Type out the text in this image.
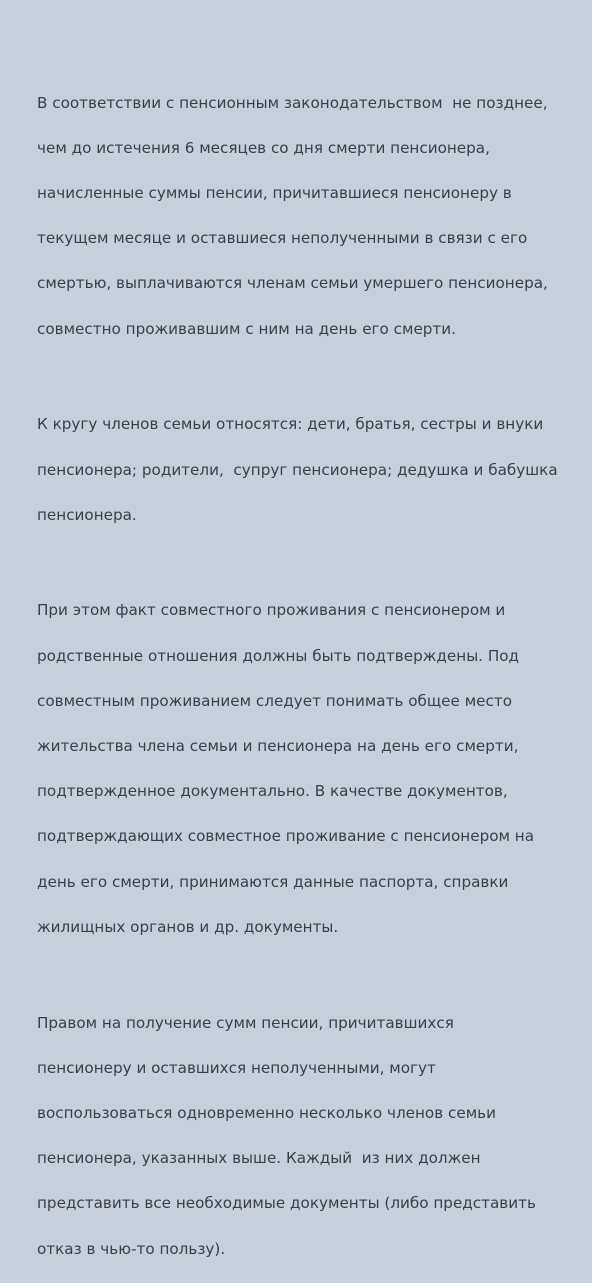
В соответствии с пенсионным законодательством  не позднее,

чем до истечения 6 месяцев со дня смерти пенсионера,

начисленные суммы пенсии, причитавшиеся пенсионеру в

текущем месяце и оставшиеся неполученными в связи с его

смертью, выплачиваются членам семьи умершего пенсионера,

совместно проживавшим с ним на день его смерти.

К кругу членов семьи относятся: дети, братья, сестры и внуки

пенсионера; родители,  супруг пенсионера; дедушка и бабушка

пенсионера.

При этом факт совместного проживания с пенсионером и

родственные отношения должны быть подтверждены. Под

совместным проживанием следует понимать общее место

жительства члена семьи и пенсионера на день его смерти,

подтвержденное документально. В качестве документов,

подтверждающих совместное проживание с пенсионером на

день его смерти, принимаются данные паспорта, справки

жилищных органов и др. документы.

Правом на получение сумм пенсии, причитавшихся

пенсионеру и оставшихся неполученными, могут

воспользоваться одновременно несколько членов семьи

пенсионера, указанных выше. Каждый  из них должен

представить все необходимые документы (либо представить

отказ в чью-то пользу).
